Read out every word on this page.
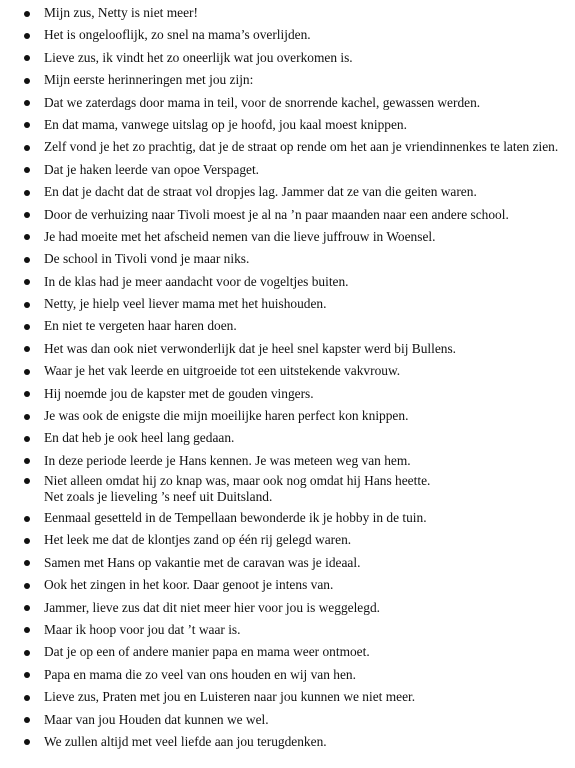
Mijn zus, Netty is niet meer!
Het is ongelooflijk, zo snel na mama’s overlijden.
Lieve zus, ik vindt het zo oneerlijk wat jou overkomen is.
Mijn eerste herinneringen met jou zijn:
Dat we zaterdags door mama in teil, voor de snorrende kachel, gewassen werden.
En dat mama, vanwege uitslag op je hoofd, jou kaal moest knippen.
Zelf vond je het zo prachtig, dat je de straat op rende om het aan je vriendinnenkes te laten zien.
Dat je haken leerde van opoe Verspaget.
En dat je dacht dat de straat vol dropjes lag. Jammer dat ze van die geiten waren.
Door de verhuizing naar Tivoli moest je al na ’n paar maanden naar een andere school.
Je had moeite met het afscheid nemen van die lieve juffrouw in Woensel.
De school in Tivoli vond je maar niks.
In de klas had je meer aandacht voor de vogeltjes buiten.
Netty, je hielp veel liever mama met het huishouden.
En niet te vergeten haar haren doen.
Het was dan ook niet verwonderlijk dat je heel snel kapster werd bij Bullens.
Waar je het vak leerde en uitgroeide tot een uitstekende vakvrouw.
Hij noemde jou de kapster met de gouden vingers.
Je was ook de enigste die mijn moeilijke haren perfect kon knippen.
En dat heb je ook heel lang gedaan.
In deze periode leerde je Hans kennen. Je was meteen weg van hem.
Niet alleen omdat hij zo knap was, maar ook nog omdat hij Hans heette.
Net zoals je lieveling ’s neef uit Duitsland.
Eenmaal gesetteld in de Tempellaan bewonderde ik je hobby in de tuin.
Het leek me dat de klontjes zand op één rij gelegd waren.
Samen met Hans op vakantie met de caravan was je ideaal.
Ook het zingen in het koor. Daar genoot je intens van.
Jammer, lieve zus dat dit niet meer hier voor jou is weggelegd.
Maar ik hoop voor jou dat ’t waar is.
Dat je op een of andere manier papa en mama weer ontmoet.
Papa en mama die zo veel van ons houden en wij van hen.
Lieve zus, Praten met jou en Luisteren naar jou kunnen we niet meer.
Maar van jou Houden dat kunnen we wel.
We zullen altijd met veel liefde aan jou terugdenken.
